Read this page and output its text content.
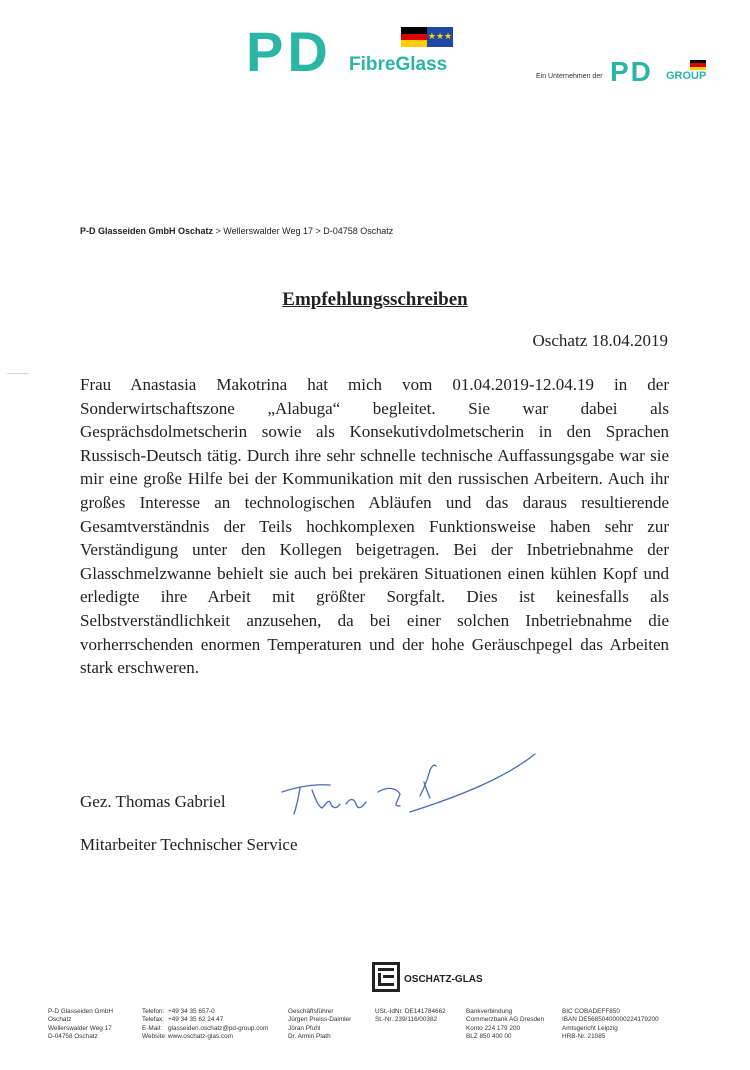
PD	★★★
FibreGlass
Ein Unternehmen der PD GROUP
P-D Glasseiden GmbH Oschatz > Wellerswalder Weg 17 > D-04758 Oschatz
Empfehlungsschreiben
Oschatz 18.04.2019

Frau Anastasia Makotrina hat mich vom 01.04.2019-12.04.19 in der Sonderwirtschaftszone „Alabuga“ begleitet. Sie war dabei als Gesprächsdolmetscherin sowie als Konsekutivdolmetscherin in den Sprachen Russisch-Deutsch tätig. Durch ihre sehr schnelle technische Auffassungsgabe war sie mir eine große Hilfe bei der Kommunikation mit den russischen Arbeitern. Auch ihr großes Interesse an technologischen Abläufen und das daraus resultierende Gesamtverständnis der Teils hochkomplexen Funktionsweise haben sehr zur Verständigung unter den Kollegen beigetragen. Bei der Inbetriebnahme der Glasschmelzwanne behielt sie auch bei prekären Situationen einen kühlen Kopf und erledigte ihre Arbeit mit größter Sorgfalt. Dies ist keinesfalls als Selbstverständlichkeit anzusehen, da bei einer solchen Inbetriebnahme die vorherrschenden enormen Temperaturen und der hohe Geräuschpegel das Arbeiten stark erschweren.

Gez. Thomas Gabriel
Mitarbeiter Technischer Service
OSCHATZ-GLAS
P-D Glasseiden GmbH
Oschatz
Wellerswalder Weg 17
D-04758 Oschatz
Telefon: +49 34 35 657-0
Telefax: +49 34 35 62 24 47
E-Mail: glasseiden.oschatz@pd-group.com
Website:www.oschatz-glas.com
Geschäftsführer
Jürgen Preiss-Daimler
Jöran Pfuhl
Dr. Armin Plath
USt.-IdNr. DE141784662
St.-Nr. 239/116/00382
Bankverbindung
Commerzbank AG Dresden
Konto 224 179 200
BLZ 850 400 00
BIC COBADEFF850
IBAN DE56850400000224179200
Amtsgericht Leipzig
HRB-Nr. 21085
